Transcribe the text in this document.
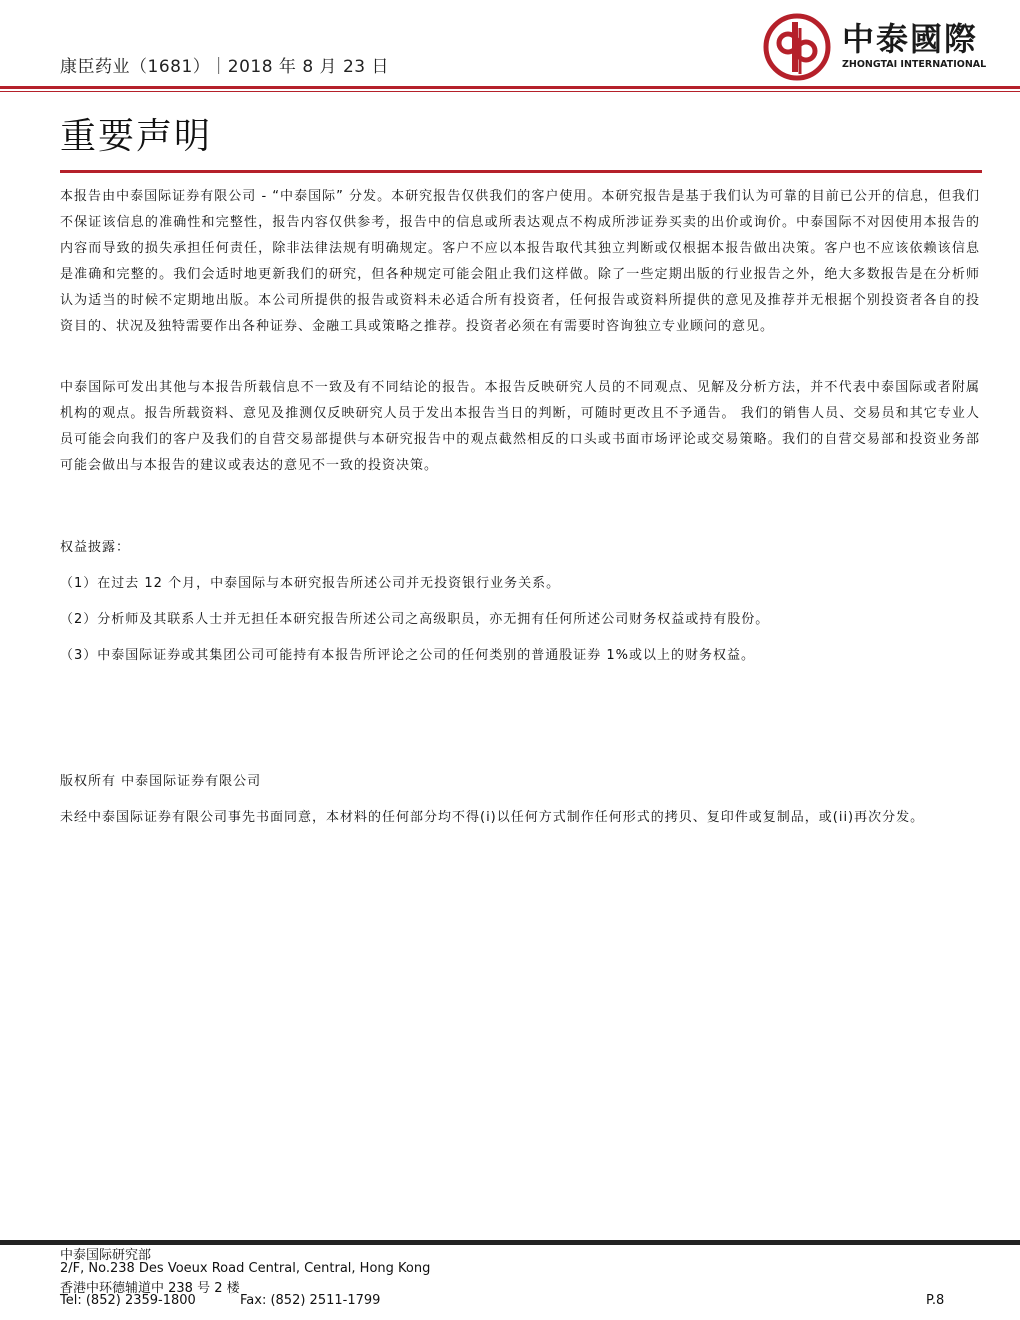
康臣药业（1681）｜2018 年 8 月 23 日
中泰國際
ZHONGTAI INTERNATIONAL
重要声明
本报告由中泰国际证券有限公司 - “中泰国际” 分发。本研究报告仅供我们的客户使用。本研究报告是基于我们认为可靠的目前已公开的信息，但我们不保证该信息的准确性和完整性，报告内容仅供参考，报告中的信息或所表达观点不构成所涉证券买卖的出价或询价。中泰国际不对因使用本报告的内容而导致的损失承担任何责任，除非法律法规有明确规定。客户不应以本报告取代其独立判断或仅根据本报告做出决策。客户也不应该依赖该信息是准确和完整的。我们会适时地更新我们的研究，但各种规定可能会阻止我们这样做。除了一些定期出版的行业报告之外，绝大多数报告是在分析师认为适当的时候不定期地出版。本公司所提供的报告或资料未必适合所有投资者，任何报告或资料所提供的意见及推荐并无根据个别投资者各自的投资目的、状况及独特需要作出各种证券、金融工具或策略之推荐。投资者必须在有需要时咨询独立专业顾问的意见。
中泰国际可发出其他与本报告所载信息不一致及有不同结论的报告。本报告反映研究人员的不同观点、见解及分析方法，并不代表中泰国际或者附属机构的观点。报告所载资料、意见及推测仅反映研究人员于发出本报告当日的判断，可随时更改且不予通告。 我们的销售人员、交易员和其它专业人员可能会向我们的客户及我们的自营交易部提供与本研究报告中的观点截然相反的口头或书面市场评论或交易策略。我们的自营交易部和投资业务部可能会做出与本报告的建议或表达的意见不一致的投资决策。
权益披露：
（1）在过去 12 个月，中泰国际与本研究报告所述公司并无投资银行业务关系。
（2）分析师及其联系人士并无担任本研究报告所述公司之高级职员，亦无拥有任何所述公司财务权益或持有股份。
（3）中泰国际证券或其集团公司可能持有本报告所评论之公司的任何类别的普通股证券 1%或以上的财务权益。
版权所有 中泰国际证券有限公司
未经中泰国际证券有限公司事先书面同意，本材料的任何部分均不得(i)以任何方式制作任何形式的拷贝、复印件或复制品，或(ii)再次分发。
中泰国际研究部
2/F, No.238 Des Voeux Road Central, Central, Hong Kong
香港中环德辅道中 238 号 2 楼
Tel: (852) 2359-1800	Fax: (852) 2511-1799	P.8
